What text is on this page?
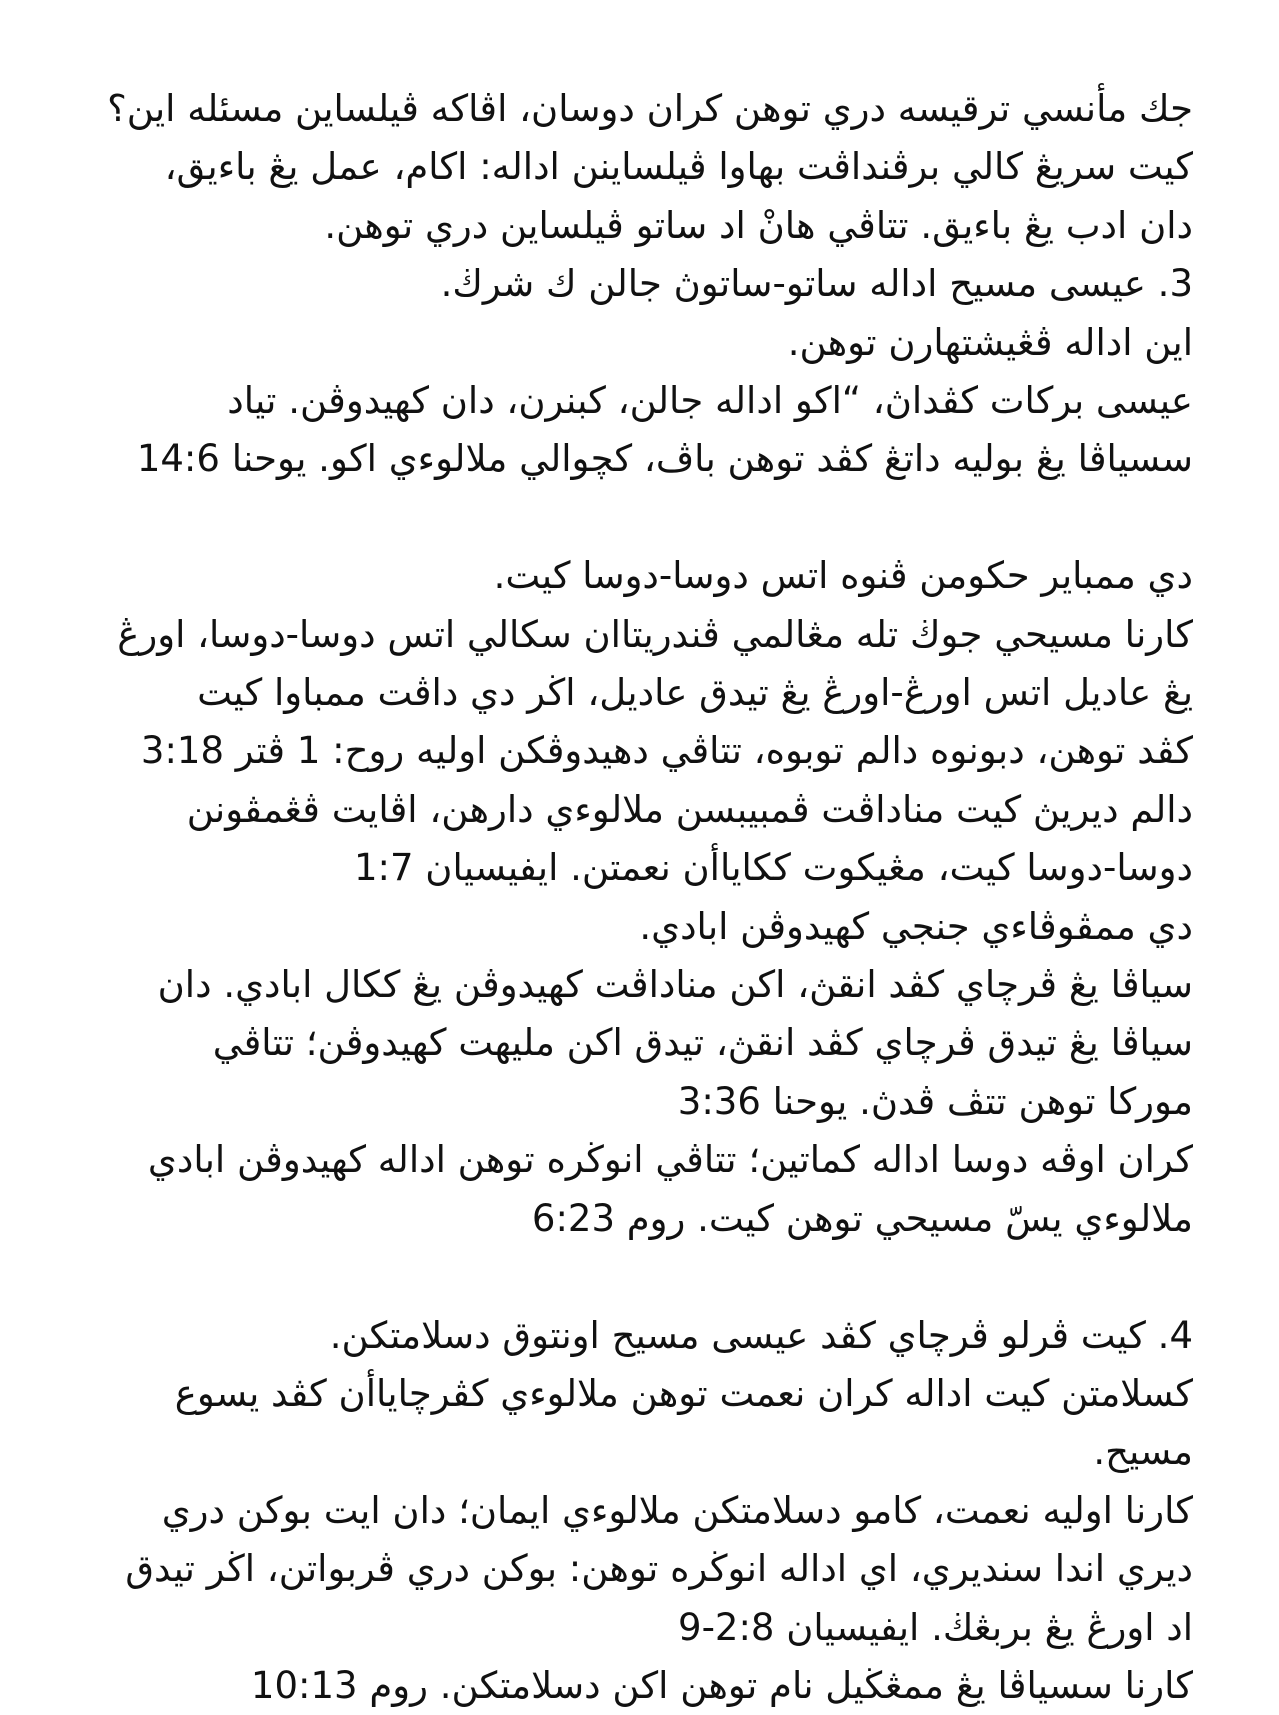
جك مأنسي ترقيسه دري توهن كران دوسان، اڤاكه ڤيلساين مسئله اين؟
كيت سريڠ كالي برڤنداڤت بهاوا ڤيلساينن اداله: اكام، عمل يڠ باءيق،
دان ادب يڠ باءيق. تتاڤي هانْ اد ساتو ڤيلساين دري توهن.
3. عيسى مسيح اداله ساتو-ساتوڽ جالن ك شرڬ.
اين اداله ڤڠيشتهارن توهن.
عيسى برکات كڤداڽ، “اكو اداله جالن، كبنرن، دان كهيدوڤن. تياد
سسياڤا يڠ بوليه داتڠ كڤد توهن باڤ، كچوالي ملالوءي اكو. يوحنا 14:6
دي ممباير حكومن ڤنوه اتس دوسا-دوسا كيت.
كارنا مسيحي جوڬ تله مڠالمي ڤندريتاان سكالي اتس دوسا-دوسا، اورڠ
يڠ عاديل اتس اورڠ-اورڠ يڠ تيدق عاديل، اڬر دي داڤت ممباوا كيت
كڤد توهن، دبونوه دالم توبوه، تتاڤي دهيدوڤكن اوليه روح: 1 ڤتر 3:18
دالم ديريڽ كيت مناداڤت ڤمبيبسن ملالوءي دارهن، اڤايت ڤڠمڤونن
دوسا-دوسا كيت، مڠيكوت ككاياأن نعمتن. ايفيسيان 1:7
دي ممڤوڤاءي جنجي كهيدوڤن ابادي.
سياڤا يڠ ڤرچاي كڤد انقڽ، اكن مناداڤت كهيدوڤن يڠ ككال ابادي. دان
سياڤا يڠ تيدق ڤرچاي كڤد انقڽ، تيدق اكن مليهت كهيدوڤن؛ تتاڤي
موركا توهن تتڤ ڤدڽ. يوحنا 3:36
كران اوڤه دوسا اداله كماتين؛ تتاڤي انوڬره توهن اداله كهيدوڤن ابادي
ملالوءي يسّ مسيحي توهن كيت. روم 6:23
4. كيت ڤرلو ڤرچاي كڤد عيسى مسيح اونتوق دسلامتكن.
كسلامتن كيت اداله كران نعمت توهن ملالوءي كڤرچاياأن كڤد يسوع
مسيح.
كارنا اوليه نعمت، كامو دسلامتكن ملالوءي ايمان؛ دان ايت بوكن دري
ديري اندا سنديري، اي اداله انوڬره توهن: بوكن دري ڤربواتن، اڬر تيدق
اد اورڠ يڠ بربڠڬ. ايفيسيان 2:8-9
كارنا سسياڤا يڠ ممڠڬيل نام توهن اكن دسلامتكن. روم 10:13
